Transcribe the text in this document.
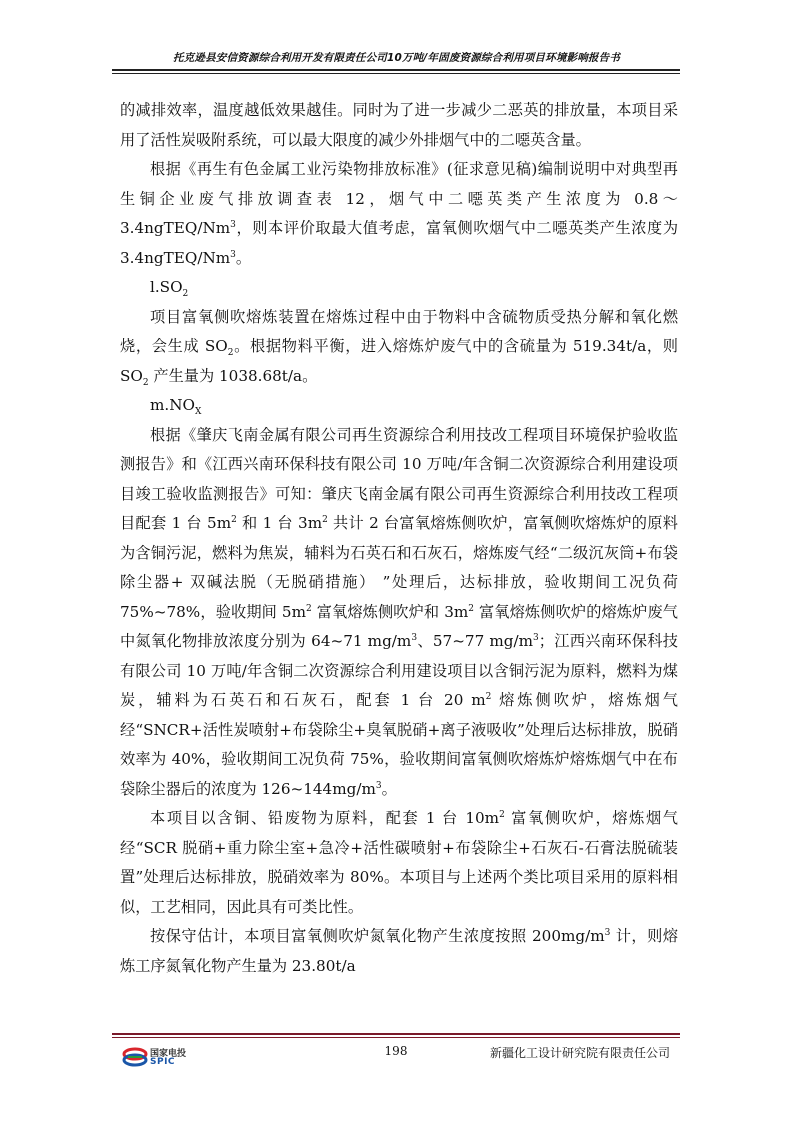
托克逊县安信资源综合利用开发有限责任公司10万吨/年固废资源综合利用项目环境影响报告书

的减排效率，温度越低效果越佳。同时为了进一步减少二恶英的排放量，本项目采用了活性炭吸附系统，可以最大限度的减少外排烟气中的二噁英含量。

根据《再生有色金属工业污染物排放标准》(征求意见稿)编制说明中对典型再生铜企业废气排放调查表 12，烟气中二噁英类产生浓度为 0.8～3.4ngTEQ/Nm$^3$，则本评价取最大值考虑，富氧侧吹烟气中二噁英类产生浓度为 3.4ngTEQ/Nm$^3$。

$l.SO_2$

项目富氧侧吹熔炼装置在熔炼过程中由于物料中含硫物质受热分解和氧化燃烧，会生成 $SO_2$。根据物料平衡，进入熔炼炉废气中的含硫量为 519.34t/a，则 $SO_2$ 产生量为 1038.68t/a。

$m.NO_X$

根据《肇庆飞南金属有限公司再生资源综合利用技改工程项目环境保护验收监测报告》和《江西兴南环保科技有限公司 10 万吨/年含铜二次资源综合利用建设项目竣工验收监测报告》可知：肇庆飞南金属有限公司再生资源综合利用技改工程项目配套 1 台 $5m^2$ 和 1 台 $3m^2$ 共计 2 台富氧熔炼侧吹炉，富氧侧吹熔炼炉的原料为含铜污泥，燃料为焦炭，辅料为石英石和石灰石，熔炼废气经“二级沉灰筒+布袋除尘器+ 双碱法脱（无脱硝措施） ”处理后，达标排放，验收期间工况负荷 75%~78%，验收期间 $5m^2$ 富氧熔炼侧吹炉和 $3m^2$ 富氧熔炼侧吹炉的熔炼炉废气中氮氧化物排放浓度分别为 64~71 $mg/m^3$、57~77 $mg/m^3$；江西兴南环保科技有限公司 10 万吨/年含铜二次资源综合利用建设项目以含铜污泥为原料，燃料为煤炭，辅料为石英石和石灰石，配套 1 台 20 $m^2$ 熔炼侧吹炉，熔炼烟气经“SNCR+活性炭喷射+布袋除尘+臭氧脱硝+离子液吸收”处理后达标排放，脱硝效率为 40%，验收期间工况负荷 75%，验收期间富氧侧吹熔炼炉熔炼烟气中在布袋除尘器后的浓度为 $126\sim 144mg/m^3$。

本项目以含铜、铅废物为原料，配套 1 台 $10m^2$ 富氧侧吹炉，熔炼烟气经“SCR 脱硝+重力除尘室+急冷+活性碳喷射+布袋除尘+石灰石-石膏法脱硫装置”处理后达标排放，脱硝效率为 80%。本项目与上述两个类比项目采用的原料相似，工艺相同，因此具有可类比性。

按保守估计，本项目富氧侧吹炉氮氧化物产生浓度按照 $200mg/m^3$ 计，则熔炼工序氮氧化物产生量为 23.80t/a

国家电投
SPIC
198	新疆化工设计研究院有限责任公司
